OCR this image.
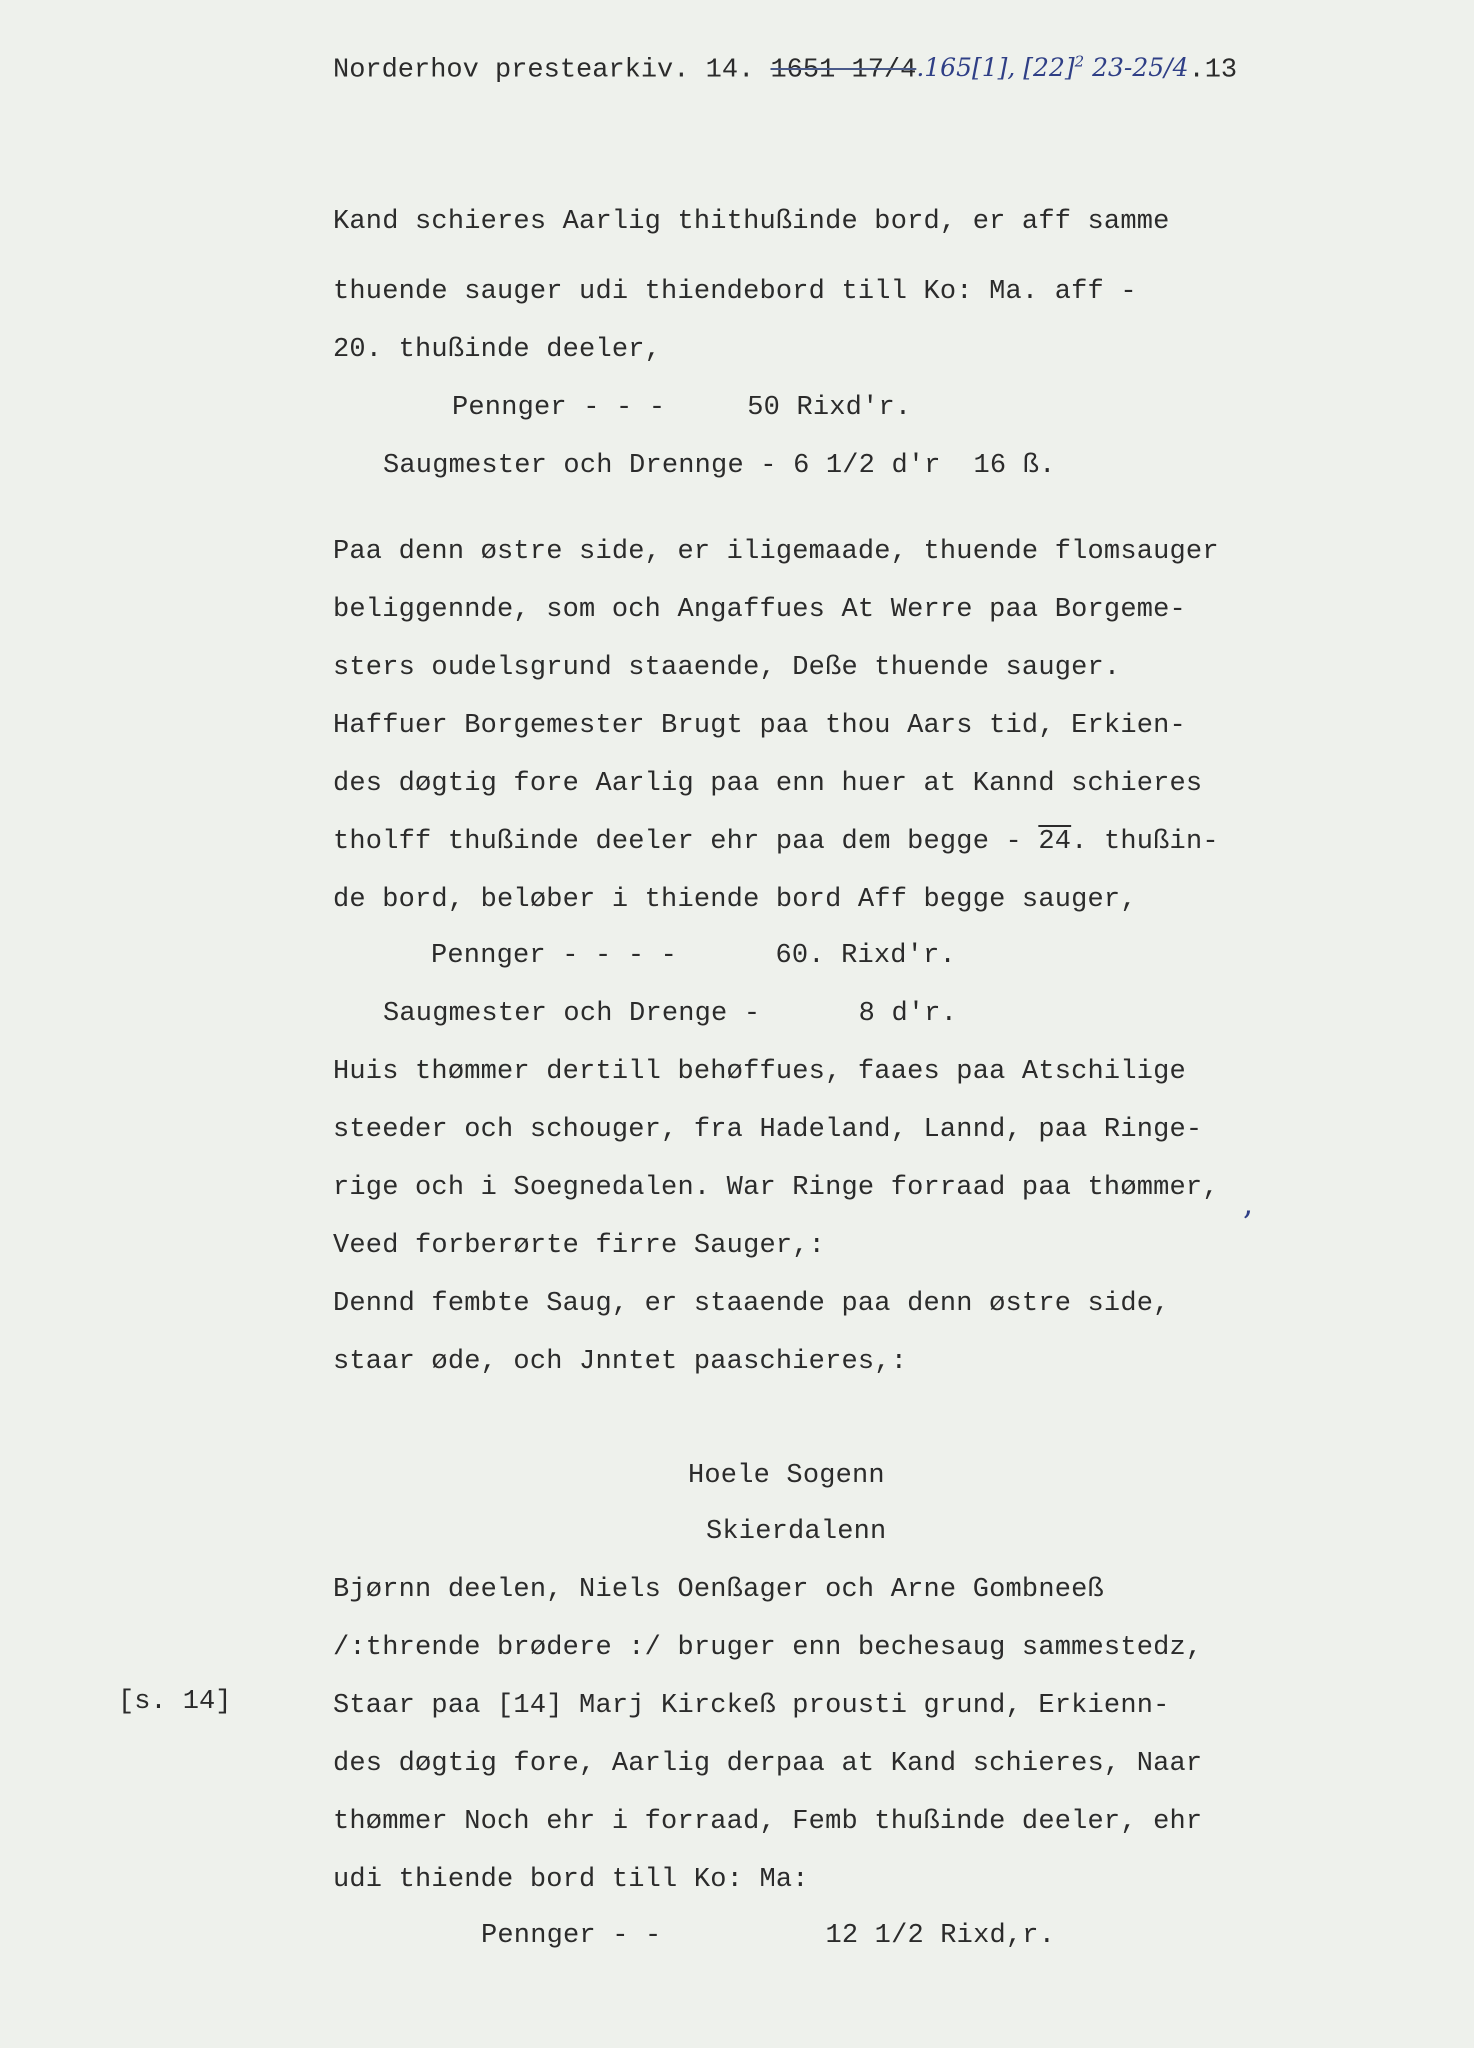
Norderhov prestearkiv. 14. 1651 17/4.165[1], $[22]^2$ 23-25/4.13
Kand schieres Aarlig thithußinde bord, er aff samme
thuende sauger udi thiendebord till Ko: Ma. aff -
20. thußinde deeler,
Pennger - - -     50 Rixd'r.
Saugmester och Drennge - 6 1/2 d'r  16 ß.
Paa denn østre side, er iligemaade, thuende flomsauger
beliggennde, som och Angaffues At Werre paa Borgeme-
sters oudelsgrund staaende, Deße thuende sauger.
Haffuer Borgemester Brugt paa thou Aars tid, Erkien-
des døgtig fore Aarlig paa enn huer at Kannd schieres
tholff thußinde deeler ehr paa dem begge - 24. thußin-
de bord, beløber i thiende bord Aff begge sauger,
Pennger - - - -      60. Rixd'r.
Saugmester och Drenge -      8 d'r.
Huis thømmer dertill behøffues, faaes paa Atschilige
steeder och schouger, fra Hadeland, Lannd, paa Ringe-
rige och i Soegnedalen. War Ringe forraad paa thømmer,
Veed forberørte firre Sauger,:
Dennd fembte Saug, er staaende paa denn østre side,
staar øde, och Jnntet paaschieres,:
Hoele Sogenn
Skierdalenn
Bjørnn deelen, Niels Oenßager och Arne Gombneeß
/:thrende brødere :/ bruger enn bechesaug sammestedz,
[s. 14]	Staar paa [14] Marj Kirckeß prousti grund, Erkienn-
des døgtig fore, Aarlig derpaa at Kand schieres, Naar
thømmer Noch ehr i forraad, Femb thußinde deeler, ehr
udi thiende bord till Ko: Ma:
Pennger - -          12 1/2 Rixd,r.
,
